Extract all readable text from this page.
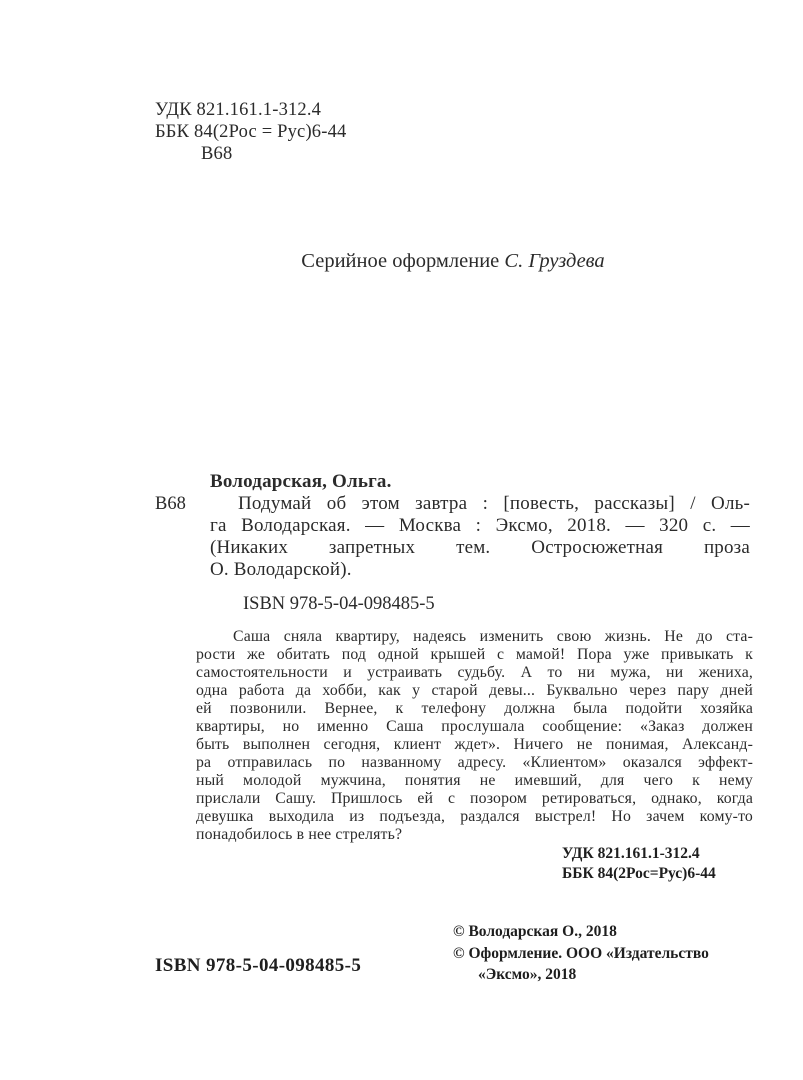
УДК 821.161.1-312.4
ББК 84(2Рос = Рус)6-44
В68
Серийное оформление С. Груздева
Володарская, Ольга.
В68	Подумай об этом завтра : [повесть, рассказы] / Оль-
га Володарская. — Москва : Эксмо, 2018. — 320 с. —
(Никаких запретных тем. Остросюжетная проза
О. Володарской).
ISBN 978-5-04-098485-5
Саша сняла квартиру, надеясь изменить свою жизнь. Не до ста-
рости же обитать под одной крышей с мамой! Пора уже привыкать к
самостоятельности и устраивать судьбу. А то ни мужа, ни жениха,
одна работа да хобби, как у старой девы... Буквально через пару дней
ей позвонили. Вернее, к телефону должна была подойти хозяйка
квартиры, но именно Саша прослушала сообщение: «Заказ должен
быть выполнен сегодня, клиент ждет». Ничего не понимая, Александ-
ра отправилась по названному адресу. «Клиентом» оказался эффект-
ный молодой мужчина, понятия не имевший, для чего к нему
прислали Сашу. Пришлось ей с позором ретироваться, однако, когда
девушка выходила из подъезда, раздался выстрел! Но зачем кому-то
понадобилось в нее стрелять?
УДК 821.161.1-312.4
ББК 84(2Рос=Рус)6-44
© Володарская О., 2018
© Оформление. ООО «Издательство
«Эксмо», 2018
ISBN 978-5-04-098485-5
